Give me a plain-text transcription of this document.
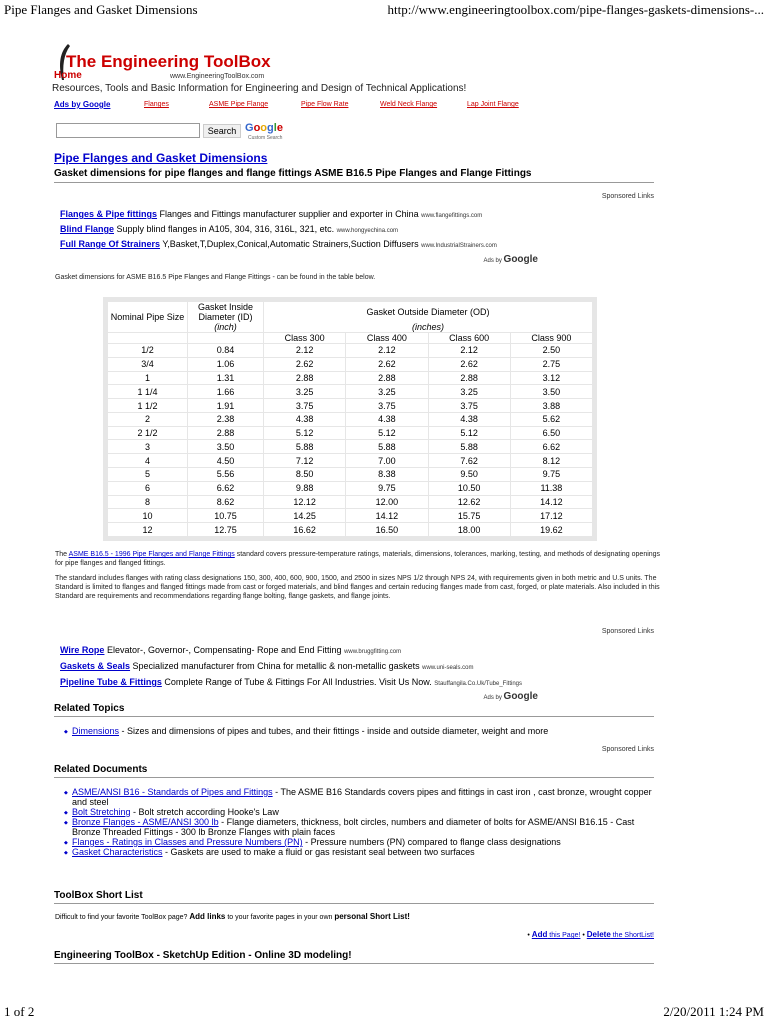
Pipe Flanges and Gasket Dimensions	http://www.engineeringtoolbox.com/pipe-flanges-gaskets-dimensions-...
1 of 2	2/20/2011 1:24 PM
The Engineering ToolBox
Home	www.EngineeringToolBox.com
Resources, Tools and Basic Information for Engineering and Design of Technical Applications!
Ads by Google	Flanges	ASME Pipe Flange	Pipe Flow Rate	Weld Neck Flange	Lap Joint Flange
Search Google
Custom Search
Pipe Flanges and Gasket Dimensions
Gasket dimensions for pipe flanges and flange fittings ASME B16.5 Pipe Flanges and Flange Fittings
Sponsored Links
Flanges & Pipe fittings Flanges and Fittings manufacturer supplier and exporter in China www.flangefittings.com
Blind Flange Supply blind flanges in A105, 304, 316, 316L, 321, etc. www.hongyechina.com
Full Range Of Strainers Y,Basket,T,Duplex,Conical,Automatic Strainers,Suction Diffusers www.IndustrialStrainers.com
Ads by Google
Gasket dimensions for ASME B16.5 Pipe Flanges and Flange Fittings - can be found in the table below.
Nominal Pipe Size	Gasket Inside Diameter (ID)	Gasket Outside Diameter (OD)			
	(inch)	(inches)			
		Class 300	Class 400	Class 600	Class 900
1/2	0.84	2.12	2.12	2.12	2.50
3/4	1.06	2.62	2.62	2.62	2.75
1	1.31	2.88	2.88	2.88	3.12
1 1/4	1.66	3.25	3.25	3.25	3.50
1 1/2	1.91	3.75	3.75	3.75	3.88
2	2.38	4.38	4.38	4.38	5.62
2 1/2	2.88	5.12	5.12	5.12	6.50
3	3.50	5.88	5.88	5.88	6.62
4	4.50	7.12	7.00	7.62	8.12
5	5.56	8.50	8.38	9.50	9.75
6	6.62	9.88	9.75	10.50	11.38
8	8.62	12.12	12.00	12.62	14.12
10	10.75	14.25	14.12	15.75	17.12
12	12.75	16.62	16.50	18.00	19.62
The ASME B16.5 - 1996 Pipe Flanges and Flange Fittings standard covers pressure-temperature ratings, materials, dimensions, tolerances, marking, testing, and methods of designating openings for pipe flanges and flanged fittings.
The standard includes flanges with rating class designations 150, 300, 400, 600, 900, 1500, and 2500 in sizes NPS 1/2 through NPS 24, with requirements given in both metric and U.S units. The Standard is limited to flanges and flanged fittings made from cast or forged materials, and blind flanges and certain reducing flanges made from cast, forged, or plate materials. Also included in this Standard are requirements and recommendations regarding flange bolting, flange gaskets, and flange joints.
Sponsored Links
Wire Rope Elevator-, Governor-, Compensating- Rope and End Fitting www.bruggfitting.com
Gaskets & Seals Specialized manufacturer from China for metallic & non-metallic gaskets www.uni-seals.com
Pipeline Tube & Fittings Complete Range of Tube & Fittings For All Industries. Visit Us Now. Stauffangila.Co.Uk/Tube_Fittings
Ads by Google
Related Topics
◆ Dimensions - Sizes and dimensions of pipes and tubes, and their fittings - inside and outside diameter, weight and more
Sponsored Links
Related Documents
◆ ASME/ANSI B16 - Standards of Pipes and Fittings - The ASME B16 Standards covers pipes and fittings in cast iron , cast bronze, wrought copper and steel
◆ Bolt Stretching - Bolt stretch according Hooke's Law
◆ Bronze Flanges - ASME/ANSI 300 lb - Flange diameters, thickness, bolt circles, numbers and diameter of bolts for ASME/ANSI B16.15 - Cast Bronze Threaded Fittings - 300 lb Bronze Flanges with plain faces
◆ Flanges - Ratings in Classes and Pressure Numbers (PN) - Pressure numbers (PN) compared to flange class designations
◆ Gasket Characteristics - Gaskets are used to make a fluid or gas resistant seal between two surfaces
ToolBox Short List
Difficult to find your favorite ToolBox page? Add links to your favorite pages in your own personal Short List!
• Add this Page! • Delete the ShortList!
Engineering ToolBox - SketchUp Edition - Online 3D modeling!
